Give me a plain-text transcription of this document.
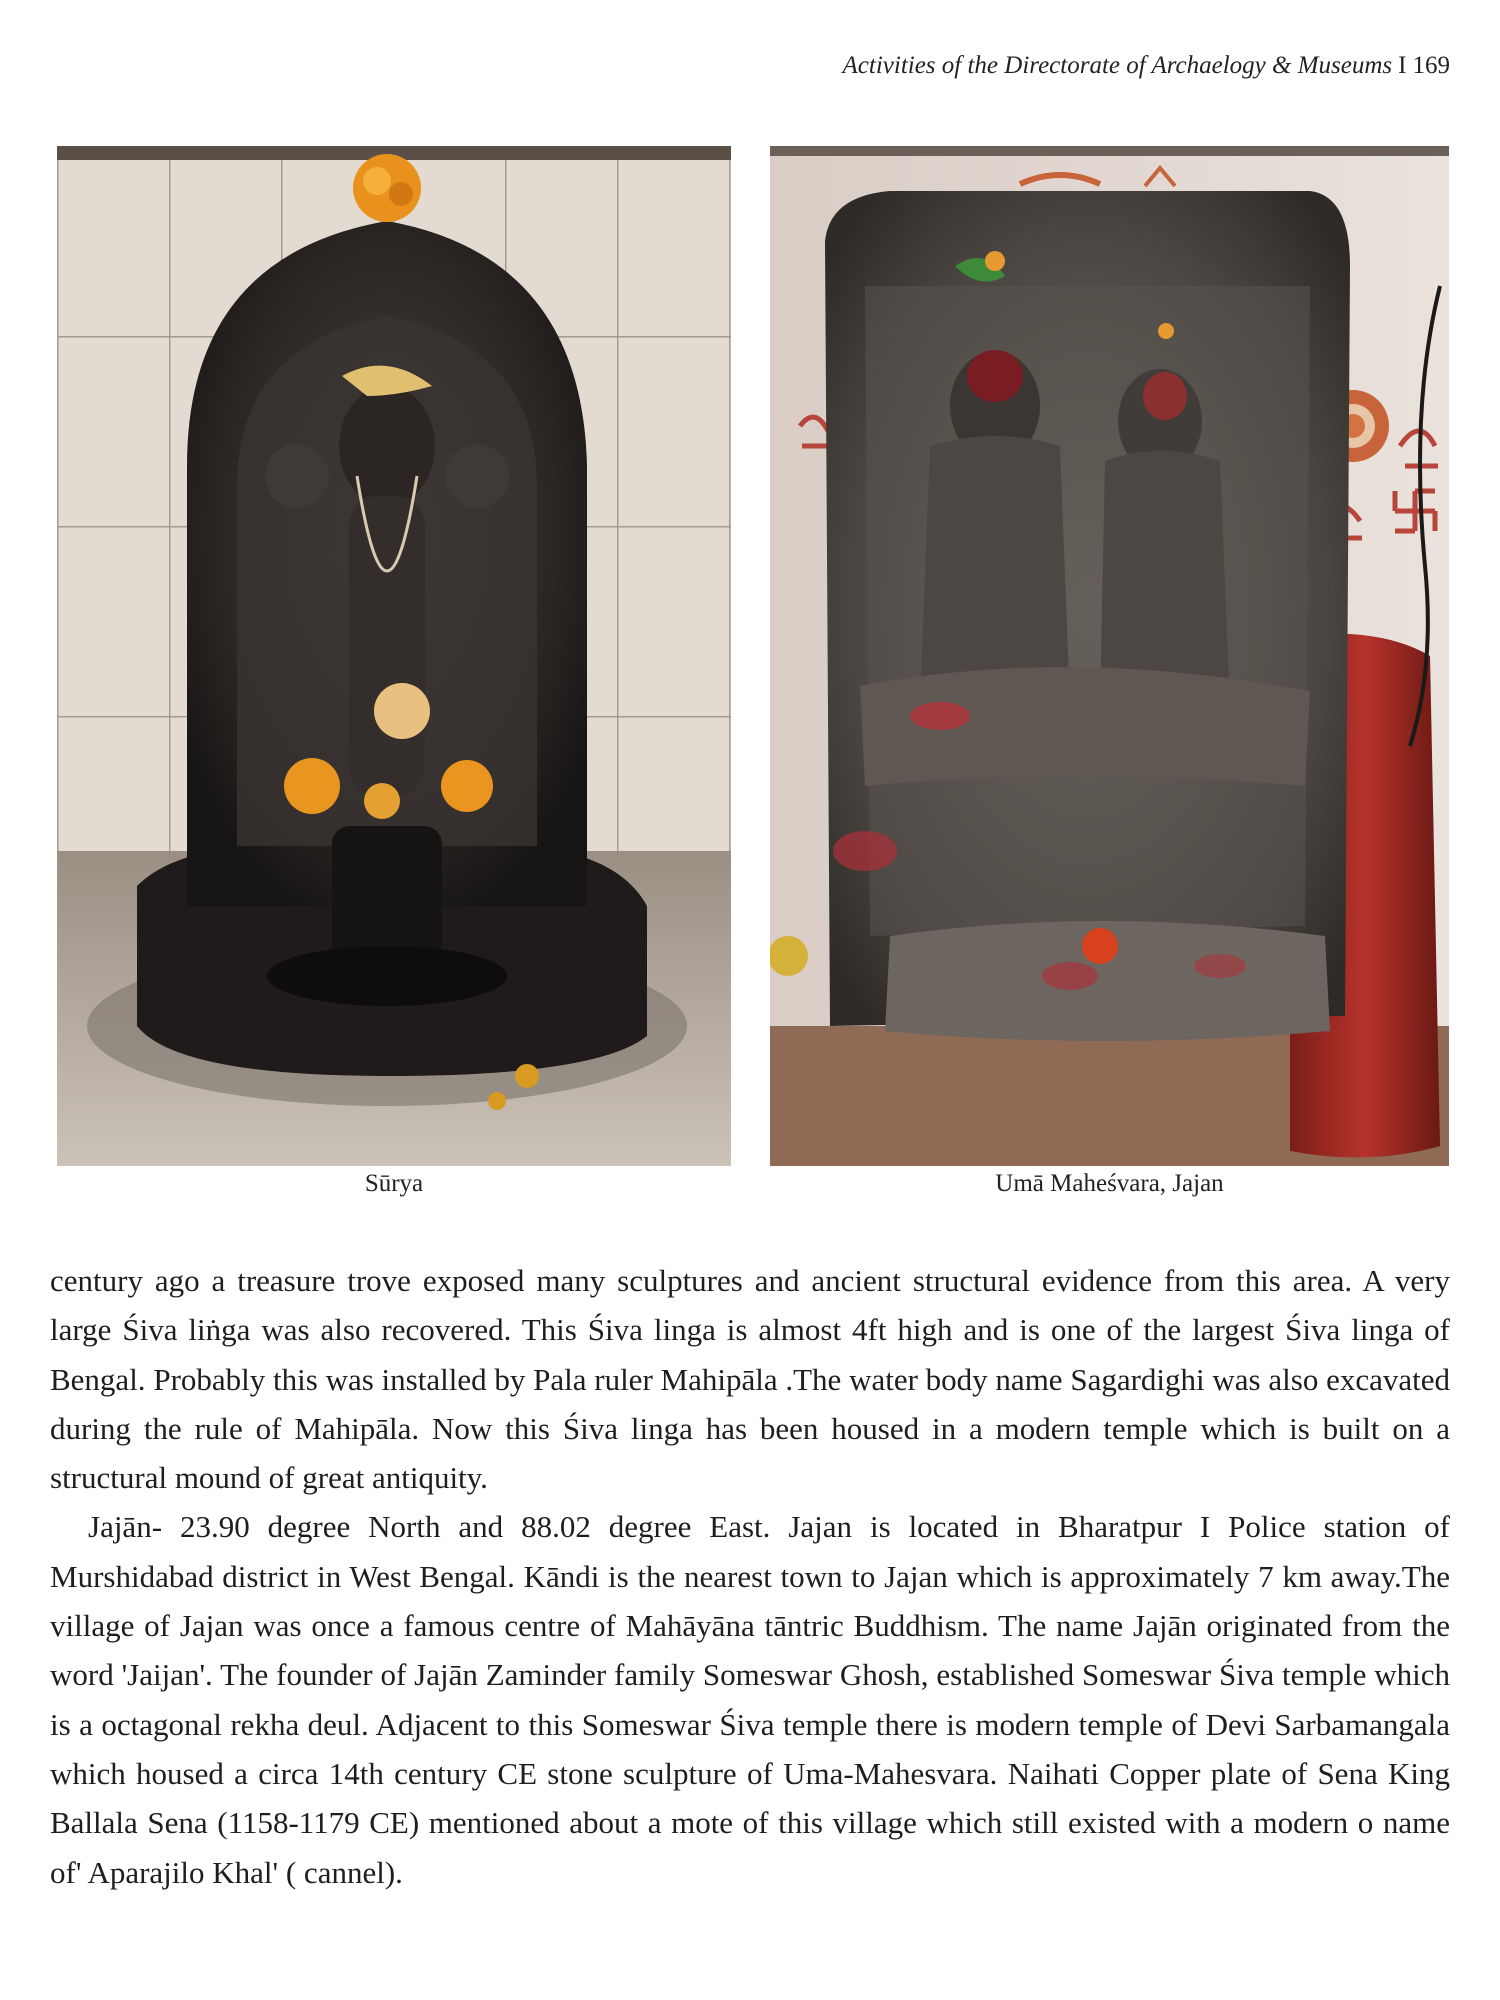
Activities of the Directorate of Archaelogy & Museums I 169
Sūrya	Umā Maheśvara, Jajan

century ago a treasure trove exposed many sculptures and ancient structural evidence from this area. A very large Śiva liṅga was also recovered. This Śiva linga is almost 4ft high and is one of the largest Śiva linga of Bengal. Probably this was installed by Pala ruler Mahipāla .The water body name Sagardighi was also excavated during the rule of Mahipāla. Now this Śiva linga has been housed in a modern temple which is built on a structural mound of great antiquity.

Jajān- 23.90 degree North and 88.02 degree East. Jajan is located in Bharatpur I Police station of Murshidabad district in West Bengal. Kāndi is the nearest town to Jajan which is approximately 7 km away.The village of Jajan was once a famous centre of Mahāyāna tāntric Buddhism. The name Jajān originated from the word 'Jaijan'. The founder of Jajān Zaminder family Someswar Ghosh, established Someswar Śiva temple which is a octagonal rekha deul. Adjacent to this Someswar Śiva temple there is modern temple of Devi Sarbamangala which housed a circa 14th century CE stone sculpture of Uma-Mahesvara. Naihati Copper plate of Sena King Ballala Sena (1158-1179 CE) mentioned about a mote of this village which still existed with a modern o name of' Aparajilo Khal' ( cannel).
